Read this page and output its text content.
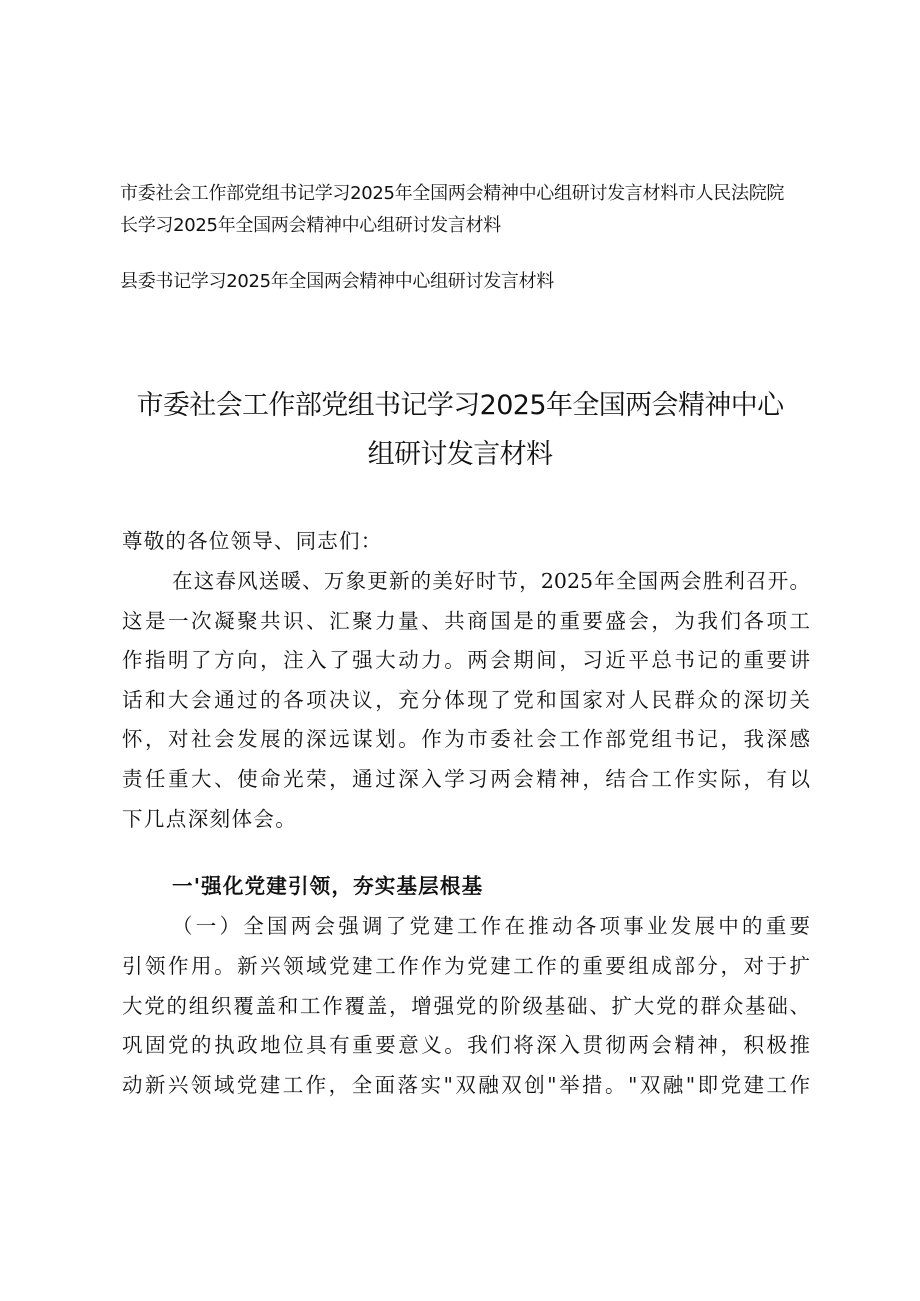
市委社会工作部党组书记学习2025年全国两会精神中心组研讨发言材料市人民法院院
长学习2025年全国两会精神中心组研讨发言材料
县委书记学习2025年全国两会精神中心组研讨发言材料
市委社会工作部党组书记学习2025年全国两会精神中心
组研讨发言材料
尊敬的各位领导、同志们：
在这春风送暖、万象更新的美好时节，2025年全国两会胜利召开。
这是一次凝聚共识、汇聚力量、共商国是的重要盛会，为我们各项工
作指明了方向，注入了强大动力。两会期间，习近平总书记的重要讲
话和大会通过的各项决议，充分体现了党和国家对人民群众的深切关
怀，对社会发展的深远谋划。作为市委社会工作部党组书记，我深感
责任重大、使命光荣，通过深入学习两会精神，结合工作实际，有以
下几点深刻体会。
一'强化党建引领，夯实基层根基
（一）全国两会强调了党建工作在推动各项事业发展中的重要
引领作用。新兴领域党建工作作为党建工作的重要组成部分，对于扩
大党的组织覆盖和工作覆盖，增强党的阶级基础、扩大党的群众基础、
巩固党的执政地位具有重要意义。我们将深入贯彻两会精神，积极推
动新兴领域党建工作，全面落实"双融双创"举措。"双融"即党建工作
